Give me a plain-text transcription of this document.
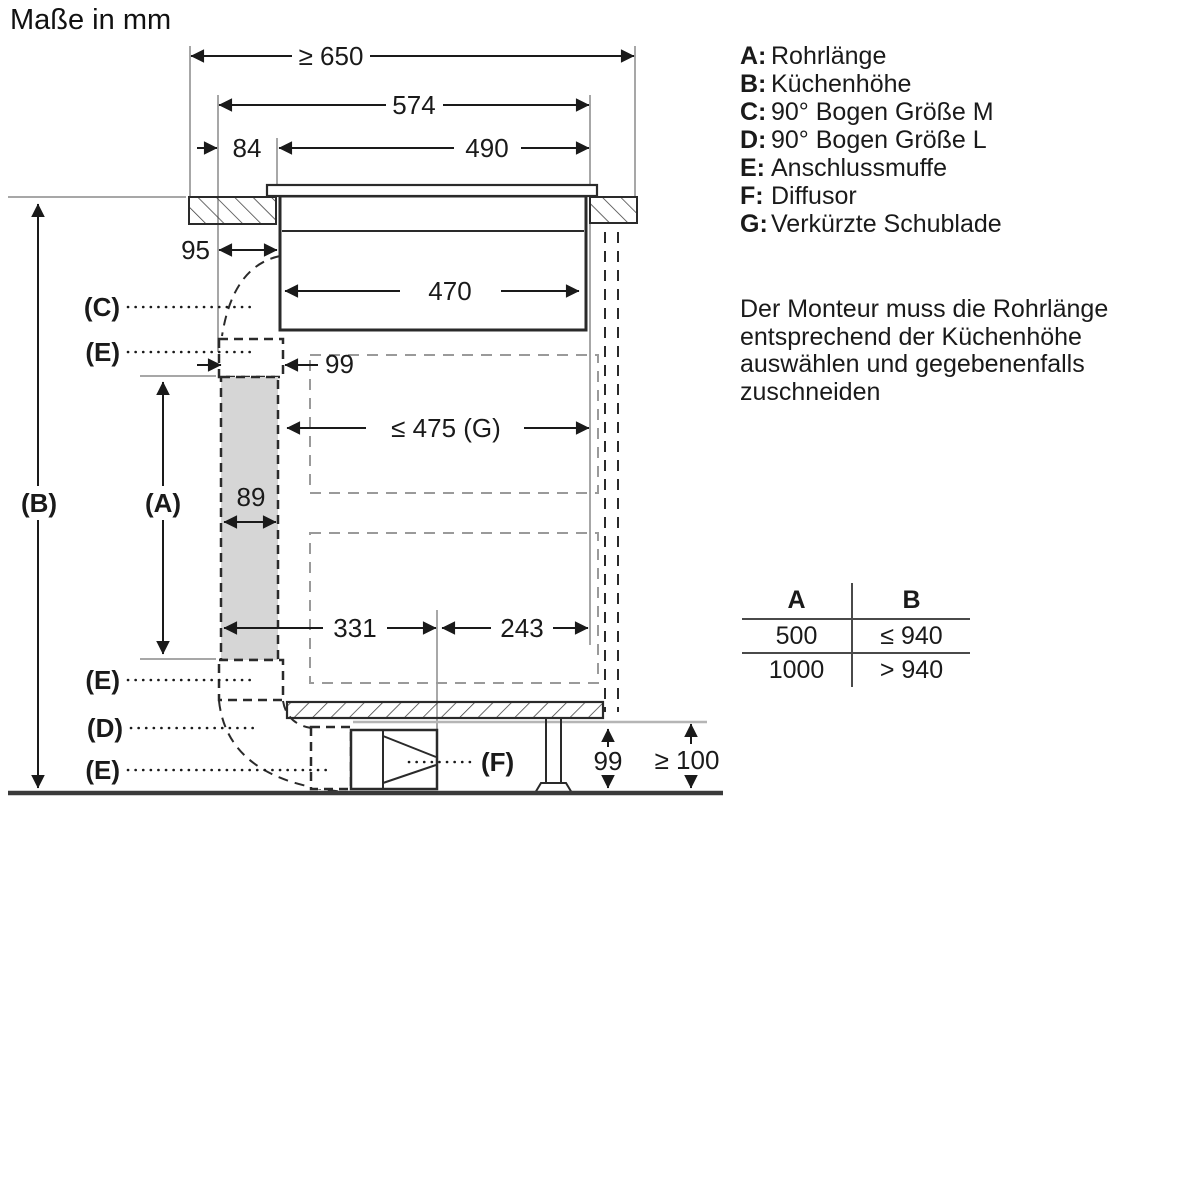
≥ 650
574
84	490
95
470
99
≤ 475 (G)
89
331	243
99 ≥ 100
(C)
(E)
(B)	(A)
(E)
(D)
(E)	(F)
Maße in mm
A: Rohrlänge
B: Küchenhöhe
C: 90° Bogen Größe M
D: 90° Bogen Größe L
E: Anschlussmuffe
F: Diffusor
G: Verkürzte Schublade
Der Monteur muss die Rohrlänge
entsprechend der Küchenhöhe
auswählen und gegebenenfalls
zuschneiden
A	B
500	≤ 940
1000	> 940
